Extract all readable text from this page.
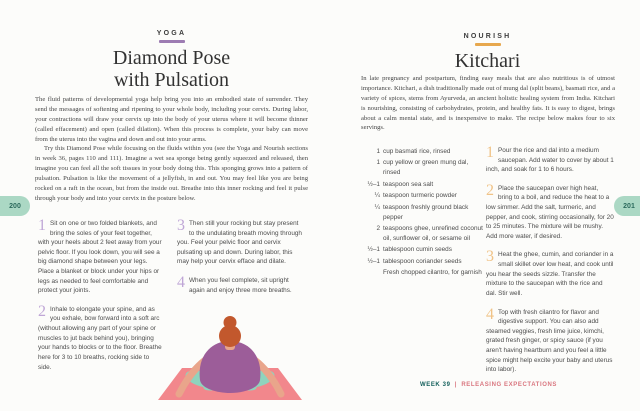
YOGA
Diamond Pose
with Pulsation

The fluid patterns of developmental yoga help bring you into an embodied state of surrender. They send the messages of softening and ripening to your whole body, including your cervix. During labor, your contractions will draw your cervix up into the body of your uterus where it will become thinner (called effacement) and open (called dilation). When this process is complete, your baby can move from the uterus into the vagina and down and out into your arms.

Try this Diamond Pose while focusing on the fluids within you (see the Yoga and Nourish sections in week 36, pages 110 and 111). Imagine a wet sea sponge being gently squeezed and released, then imagine you can feel all the soft tissues in your body doing this. This sponging grows into a pattern of pulsation. Pulsation is like the movement of a jellyfish, in and out. You may feel like you are being rocked on a raft in the ocean, but from the inside out. Breathe into this inner rocking and feel it pulse through your body and into your cervix in the posture below.

1 Sit on one or two folded blankets, and bring the soles of your feet together, with your heels about 2 feet away from your pelvic floor. If you look down, you will see a big diamond shape between your legs. Place a blanket or block under your hips or legs as needed to feel comfortable and protect your joints.
2 Inhale to elongate your spine, and as you exhale, bow forward into a soft arc (without allowing any part of your spine or muscles to jut back behind you), bringing your hands to blocks or to the floor. Breathe here for 3 to 10 breaths, rocking side to side.
3 Then still your rocking but stay present to the undulating breath moving through you. Feel your pelvic floor and cervix pulsating up and down. During labor, this may help your cervix efface and dilate.
4 When you feel complete, sit upright again and enjoy three more breaths.
NOURISH
Kitchari

In late pregnancy and postpartum, finding easy meals that are also nutritious is of utmost importance. Kitchari, a dish traditionally made out of mung dal (split beans), basmati rice, and a variety of spices, stems from Ayurveda, an ancient holistic healing system from India. Kitchari is nourishing, consisting of carbohydrates, protein, and healthy fats. It is easy to digest, brings about a calm mental state, and is inexpensive to make. The recipe below makes four to six servings.

1 cup basmati rice, rinsed
1 cup yellow or green mung dal, rinsed
½–1 teaspoon sea salt
¼ teaspoon turmeric powder
¼ teaspoon freshly ground black pepper
2 teaspoons ghee, unrefined coconut oil, sunflower oil, or sesame oil
½–1 tablespoon cumin seeds
½–1 tablespoon coriander seeds
Fresh chopped cilantro, for garnish
1 Pour the rice and dal into a medium saucepan. Add water to cover by about 1 inch, and soak for 1 to 6 hours.
2 Place the saucepan over high heat, bring to a boil, and reduce the heat to a low simmer. Add the salt, turmeric, and pepper, and cook, stirring occasionally, for 20 to 25 minutes. The mixture will be mushy. Add more water, if desired.
3 Heat the ghee, cumin, and coriander in a small skillet over low heat, and cook until you hear the seeds sizzle. Transfer the mixture to the saucepan with the rice and dal. Stir well.
4 Top with fresh cilantro for flavor and digestive support. You can also add steamed veggies, fresh lime juice, kimchi, grated fresh ginger, or spicy sauce (if you aren't having heartburn and you feel a little spice might help excite your baby and uterus into labor).
WEEK 39 | RELEASING EXPECTATIONS
200	201
